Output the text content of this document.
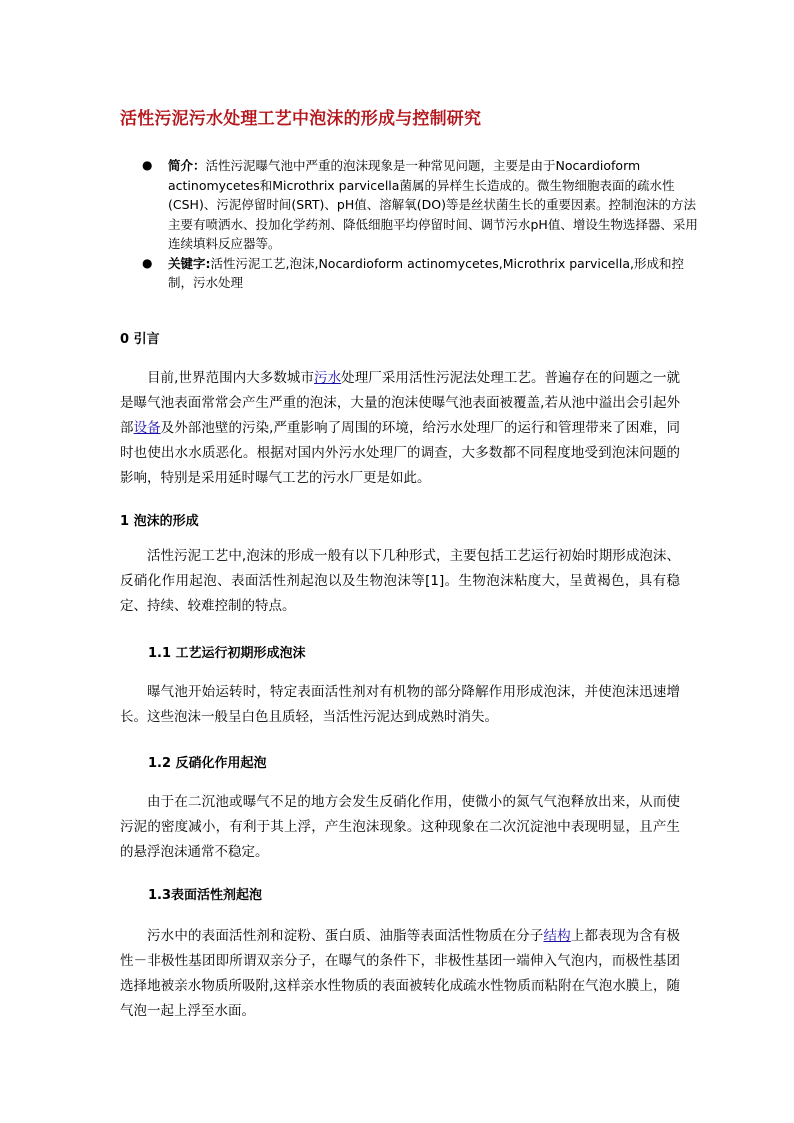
活性污泥污水处理工艺中泡沫的形成与控制研究
● 简介：活性污泥曝气池中严重的泡沫现象是一种常见问题，主要是由于Nocardioform actinomycetes和Microthrix parvicella菌属的异样生长造成的。微生物细胞表面的疏水性(CSH)、污泥停留时间(SRT)、pH值、溶解氧(DO)等是丝状菌生长的重要因素。控制泡沫的方法主要有喷洒水、投加化学药剂、降低细胞平均停留时间、调节污水pH值、增设生物选择器、采用连续填料反应器等。
● 关键字:活性污泥工艺,泡沫,Nocardioform actinomycetes,Microthrix parvicella,形成和控制，污水处理
0 引言
目前,世界范围内大多数城市污水处理厂采用活性污泥法处理工艺。普遍存在的问题之一就是曝气池表面常常会产生严重的泡沫，大量的泡沫使曝气池表面被覆盖,若从池中溢出会引起外部设备及外部池壁的污染,严重影响了周围的环境，给污水处理厂的运行和管理带来了困难，同时也使出水水质恶化。根据对国内外污水处理厂的调查，大多数都不同程度地受到泡沫问题的影响，特别是采用延时曝气工艺的污水厂更是如此。
1 泡沫的形成
活性污泥工艺中,泡沫的形成一般有以下几种形式，主要包括工艺运行初始时期形成泡沫、反硝化作用起泡、表面活性剂起泡以及生物泡沫等[1]。生物泡沫粘度大，呈黄褐色，具有稳定、持续、较难控制的特点。
1.1 工艺运行初期形成泡沫
曝气池开始运转时，特定表面活性剂对有机物的部分降解作用形成泡沫，并使泡沫迅速增长。这些泡沫一般呈白色且质轻，当活性污泥达到成熟时消失。
1.2 反硝化作用起泡
由于在二沉池或曝气不足的地方会发生反硝化作用，使微小的氮气气泡释放出来，从而使污泥的密度减小，有利于其上浮，产生泡沫现象。这种现象在二次沉淀池中表现明显，且产生的悬浮泡沫通常不稳定。
1.3表面活性剂起泡
污水中的表面活性剂和淀粉、蛋白质、油脂等表面活性物质在分子结构上都表现为含有极性－非极性基团即所谓双亲分子，在曝气的条件下，非极性基团一端伸入气泡内，而极性基团选择地被亲水物质所吸附,这样亲水性物质的表面被转化成疏水性物质而粘附在气泡水膜上，随气泡一起上浮至水面。
